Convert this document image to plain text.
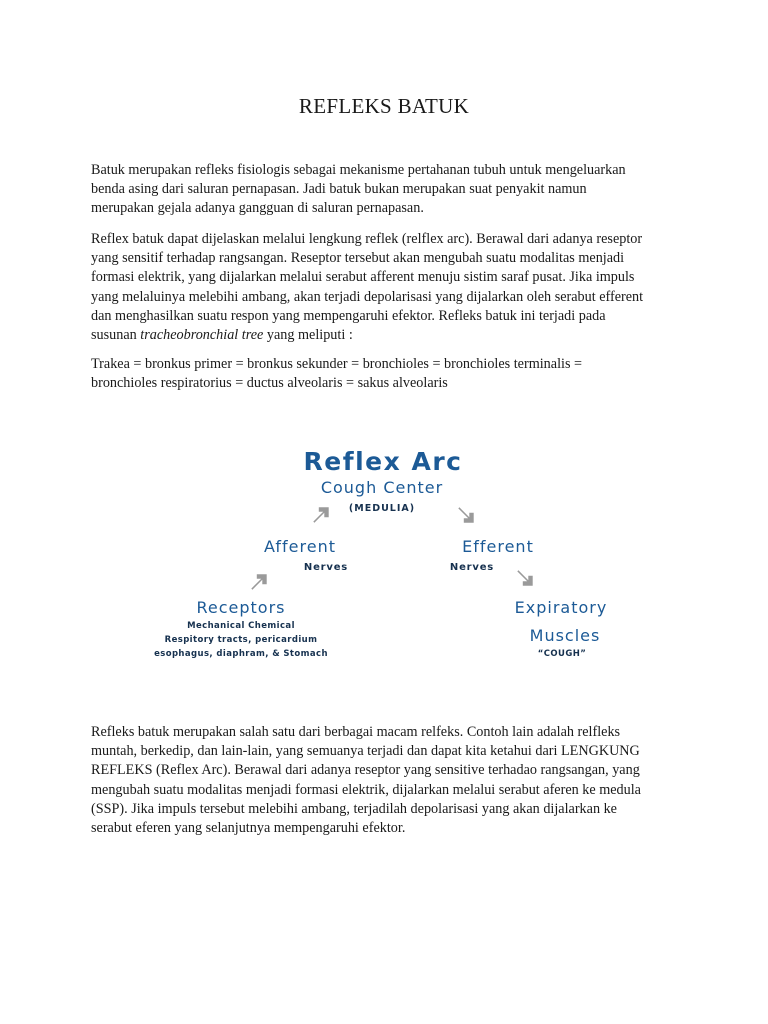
REFLEKS BATUK

Batuk merupakan refleks fisiologis sebagai mekanisme pertahanan tubuh untuk mengeluarkan
benda asing dari saluran pernapasan. Jadi batuk bukan merupakan suat penyakit namun
merupakan gejala adanya gangguan di saluran pernapasan.

Reflex batuk dapat dijelaskan melalui lengkung reflek (relflex arc). Berawal dari adanya reseptor
yang sensitif terhadap rangsangan. Reseptor tersebut akan mengubah suatu modalitas menjadi
formasi elektrik, yang dijalarkan melalui serabut afferent menuju sistim saraf pusat. Jika impuls
yang melaluinya melebihi ambang, akan terjadi depolarisasi yang dijalarkan oleh serabut efferent
dan menghasilkan suatu respon yang mempengaruhi efektor. Refleks batuk ini terjadi pada
susunan tracheobronchial tree yang meliputi :

Trakea = bronkus primer = bronkus sekunder = bronchioles = bronchioles terminalis =
bronchioles respiratorius = ductus alveolaris = sakus alveolaris

Reflex Arc
Cough Center
(MEDULIA)
Afferent
Nerves
Efferent
Nerves
Receptors
Mechanical Chemical
Respitory tracts, pericardium
esophagus, diaphram, & Stomach
Expiratory
Muscles
“COUGH”

Refleks batuk merupakan salah satu dari berbagai macam relfeks. Contoh lain adalah relfleks
muntah, berkedip, dan lain-lain, yang semuanya terjadi dan dapat kita ketahui dari LENGKUNG
REFLEKS (Reflex Arc). Berawal dari adanya reseptor yang sensitive terhadao rangsangan, yang
mengubah suatu modalitas menjadi formasi elektrik, dijalarkan melalui serabut aferen ke medula
(SSP). Jika impuls tersebut melebihi ambang, terjadilah depolarisasi yang akan dijalarkan ke
serabut eferen yang selanjutnya mempengaruhi efektor.
